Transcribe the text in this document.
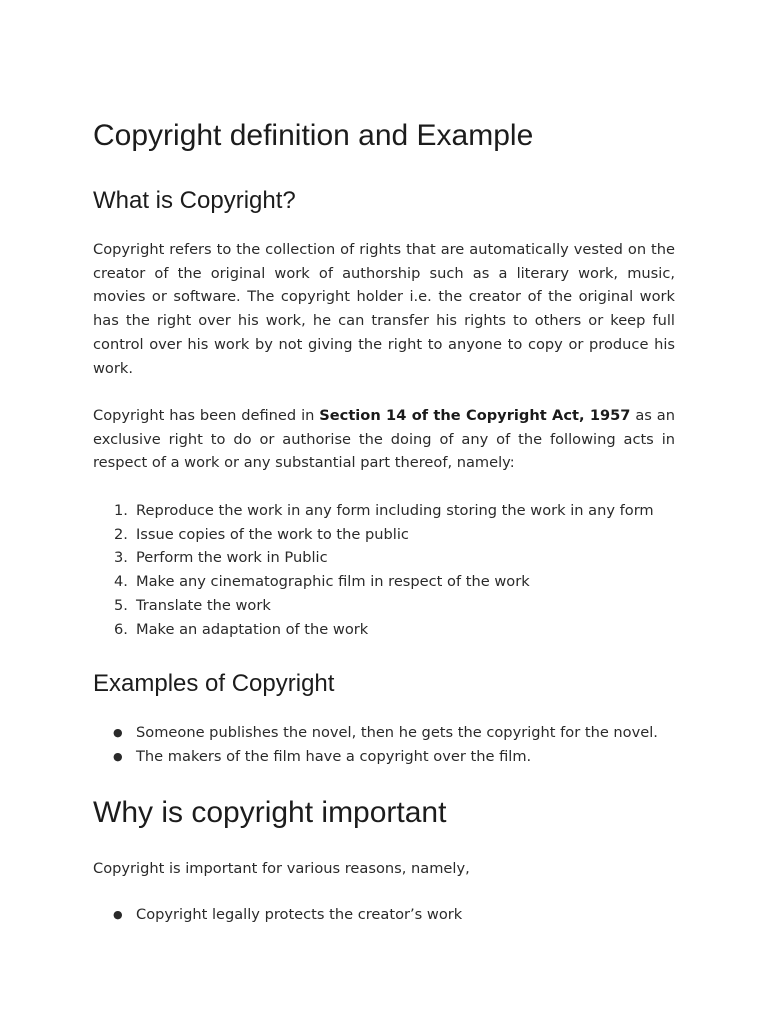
Copyright definition and Example
What is Copyright?

Copyright refers to the collection of rights that are automatically vested on the creator of the original work of authorship such as a literary work, music, movies or software. The copyright holder i.e. the creator of the original work has the right over his work, he can transfer his rights to others or keep full control over his work by not giving the right to anyone to copy or produce his work.

Copyright has been defined in Section 14 of the Copyright Act, 1957 as an exclusive right to do or authorise the doing of any of the following acts in respect of a work or any substantial part thereof, namely:

1. Reproduce the work in any form including storing the work in any form
2. Issue copies of the work to the public
3. Perform the work in Public
4. Make any cinematographic film in respect of the work
5. Translate the work
6. Make an adaptation of the work
Examples of Copyright
● Someone publishes the novel, then he gets the copyright for the novel.
● The makers of the film have a copyright over the film.
Why is copyright important

Copyright is important for various reasons, namely,

● Copyright legally protects the creator’s work
